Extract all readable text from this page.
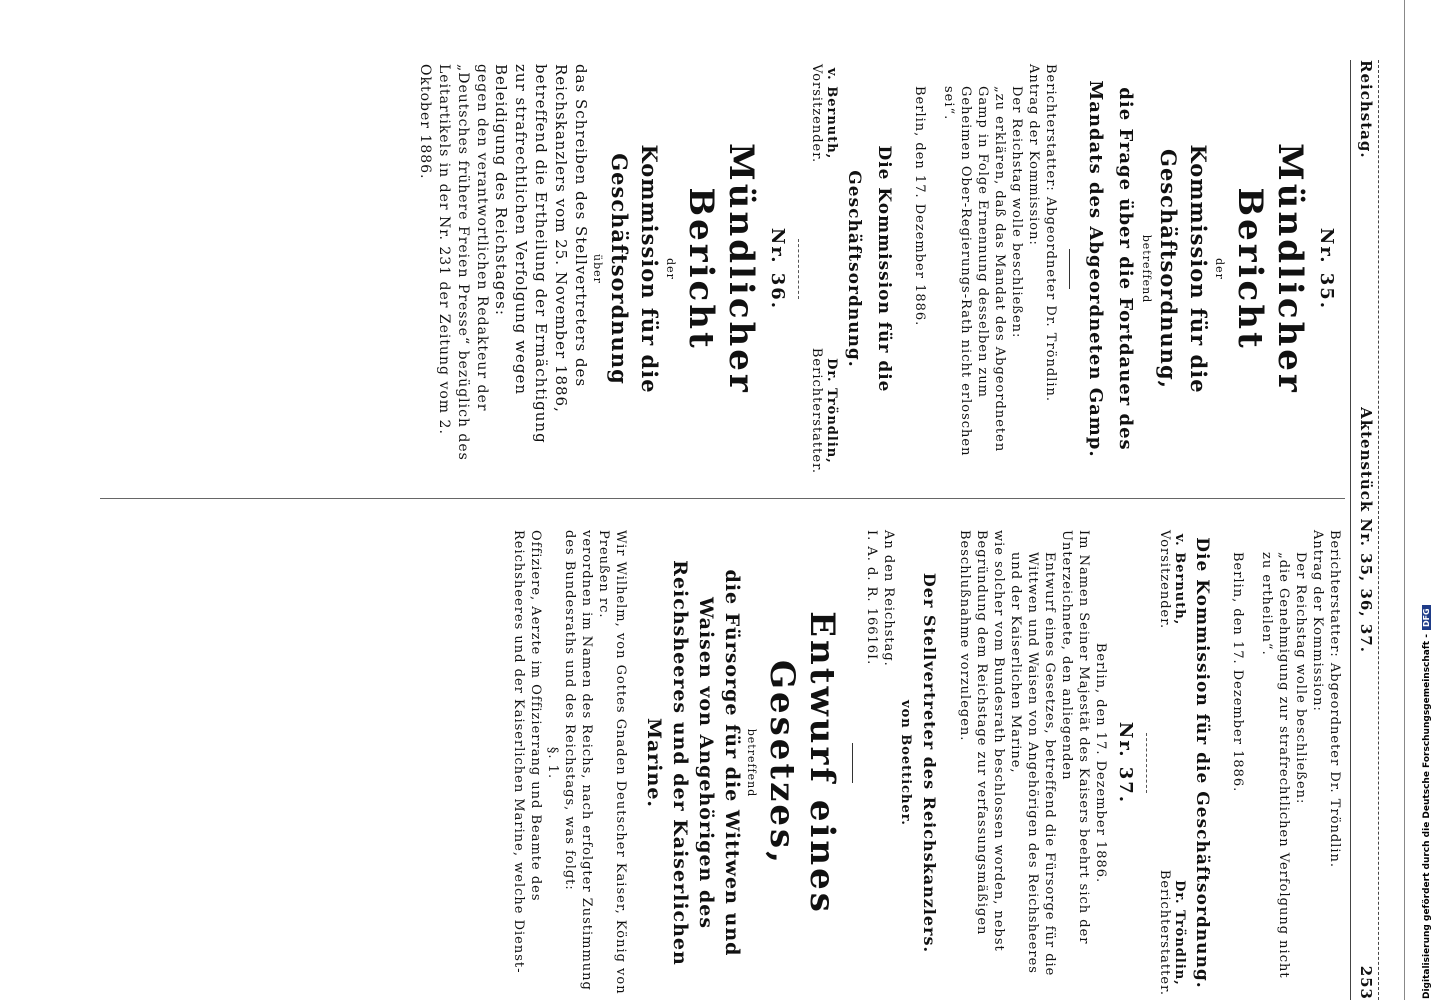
Reichstag.
Aktenstück Nr. 35, 36, 37.
253
Nr. 35.
Mündlicher Bericht
der
Kommission für die Geschäftsordnung,
betreffend
die Frage über die Fortdauer des Mandats des Abgeordneten Gamp.
Berichterstatter: Abgeordneter Dr. Tröndlin.
Antrag der Kommission:
Der Reichstag wolle beschließen:
„zu erklären, daß das Mandat des Abgeordneten Gamp in Folge Ernennung desselben zum Geheimen Ober-Regierungs-Rath nicht erloschen sei“.
Berlin, den 17. Dezember 1886.
Die Kommission für die Geschäftsordnung.
v. Bernuth,
Vorsitzender.
Dr. Tröndlin,
Berichterstatter.
Nr. 36.
Mündlicher Bericht
der
Kommission für die Geschäftsordnung
über
das Schreiben des Stellvertreters des Reichskanzlers vom 25. November 1886, betreffend die Ertheilung der Ermächtigung zur strafrechtlichen Verfolgung wegen Beleidigung des Reichstages:
gegen den verantwortlichen Redakteur der „Deutsches frühere Freien Presse“ bezüglich des Leitartikels in der Nr. 231 der Zeitung vom 2. Oktober 1886.
Berichterstatter: Abgeordneter Dr. Tröndlin.
Antrag der Kommission:
Der Reichstag wolle beschließen:
„die Genehmigung zur strafrechtlichen Verfolgung nicht zu ertheilen“.
Berlin, den 17. Dezember 1886.
Die Kommission für die Geschäftsordnung.
v. Bernuth,
Vorsitzender.
Dr. Tröndlin,
Berichterstatter.
Nr. 37.
Berlin, den 17. Dezember 1886.
Im Namen Seiner Majestät des Kaisers beehrt sich der Unterzeichnete, den anliegenden
Entwurf eines Gesetzes, betreffend die Fürsorge für die Wittwen und Waisen von Angehörigen des Reichsheeres und der Kaiserlichen Marine,
wie solcher vom Bundesrath beschlossen worden, nebst Begründung dem Reichstage zur verfassungsmäßigen Beschlußnahme vorzulegen.
Der Stellvertreter des Reichskanzlers.
von Boetticher.
An den Reichstag.
I. A. d. R. 16616I.
Entwurf eines Gesetzes,
betreffend
die Fürsorge für die Wittwen und Waisen von Angehörigen des Reichsheeres und der Kaiserlichen Marine.
Wir Wilhelm, von Gottes Gnaden Deutscher Kaiser, König von Preußen rc.
verordnen im Namen des Reichs, nach erfolgter Zustimmung des Bundesraths und des Reichstags, was folgt:
§. 1.
Offiziere, Aerzte im Offizierrang und Beamte des Reichsheeres und der Kaiserlichen Marine, welche Dienst-	Digitalisierung gefördert durch die Deutsche Forschungsgemeinschaft -DFG
